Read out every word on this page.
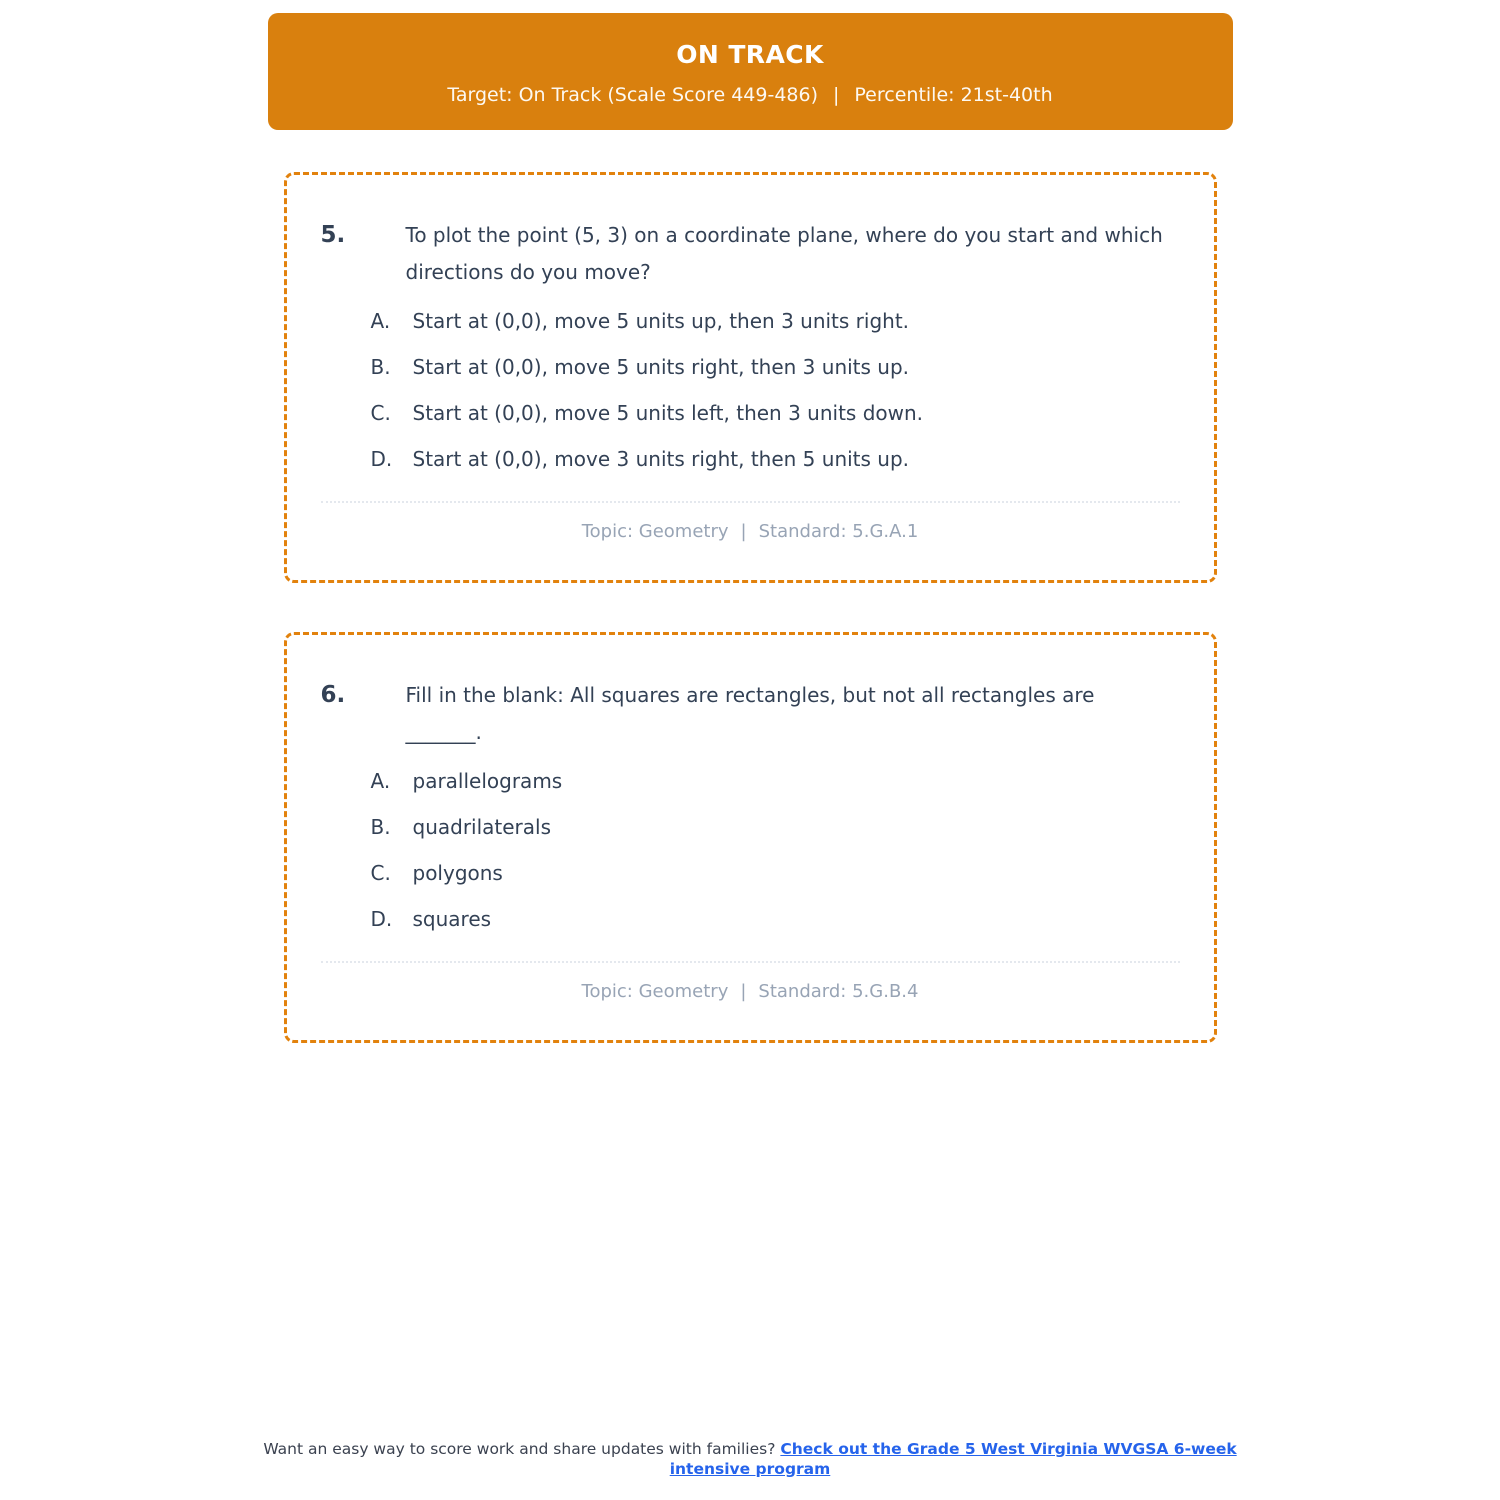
ON TRACK
Target: On Track (Scale Score 449-486) | Percentile: 21st-40th
5.	To plot the point (5, 3) on a coordinate plane, where do you start and which directions do you move?

A.	Start at (0,0), move 5 units up, then 3 units right.
B.	Start at (0,0), move 5 units right, then 3 units up.
C.	Start at (0,0), move 5 units left, then 3 units down.
D.	Start at (0,0), move 3 units right, then 5 units up.
Topic: Geometry | Standard: 5.G.A.1
6.	Fill in the blank: All squares are rectangles, but not all rectangles are _______.

A.	parallelograms
B.	quadrilaterals
C.	polygons
D.	squares
Topic: Geometry | Standard: 5.G.B.4

Want an easy way to score work and share updates with families? Check out the Grade 5 West Virginia WVGSA 6-week intensive program
